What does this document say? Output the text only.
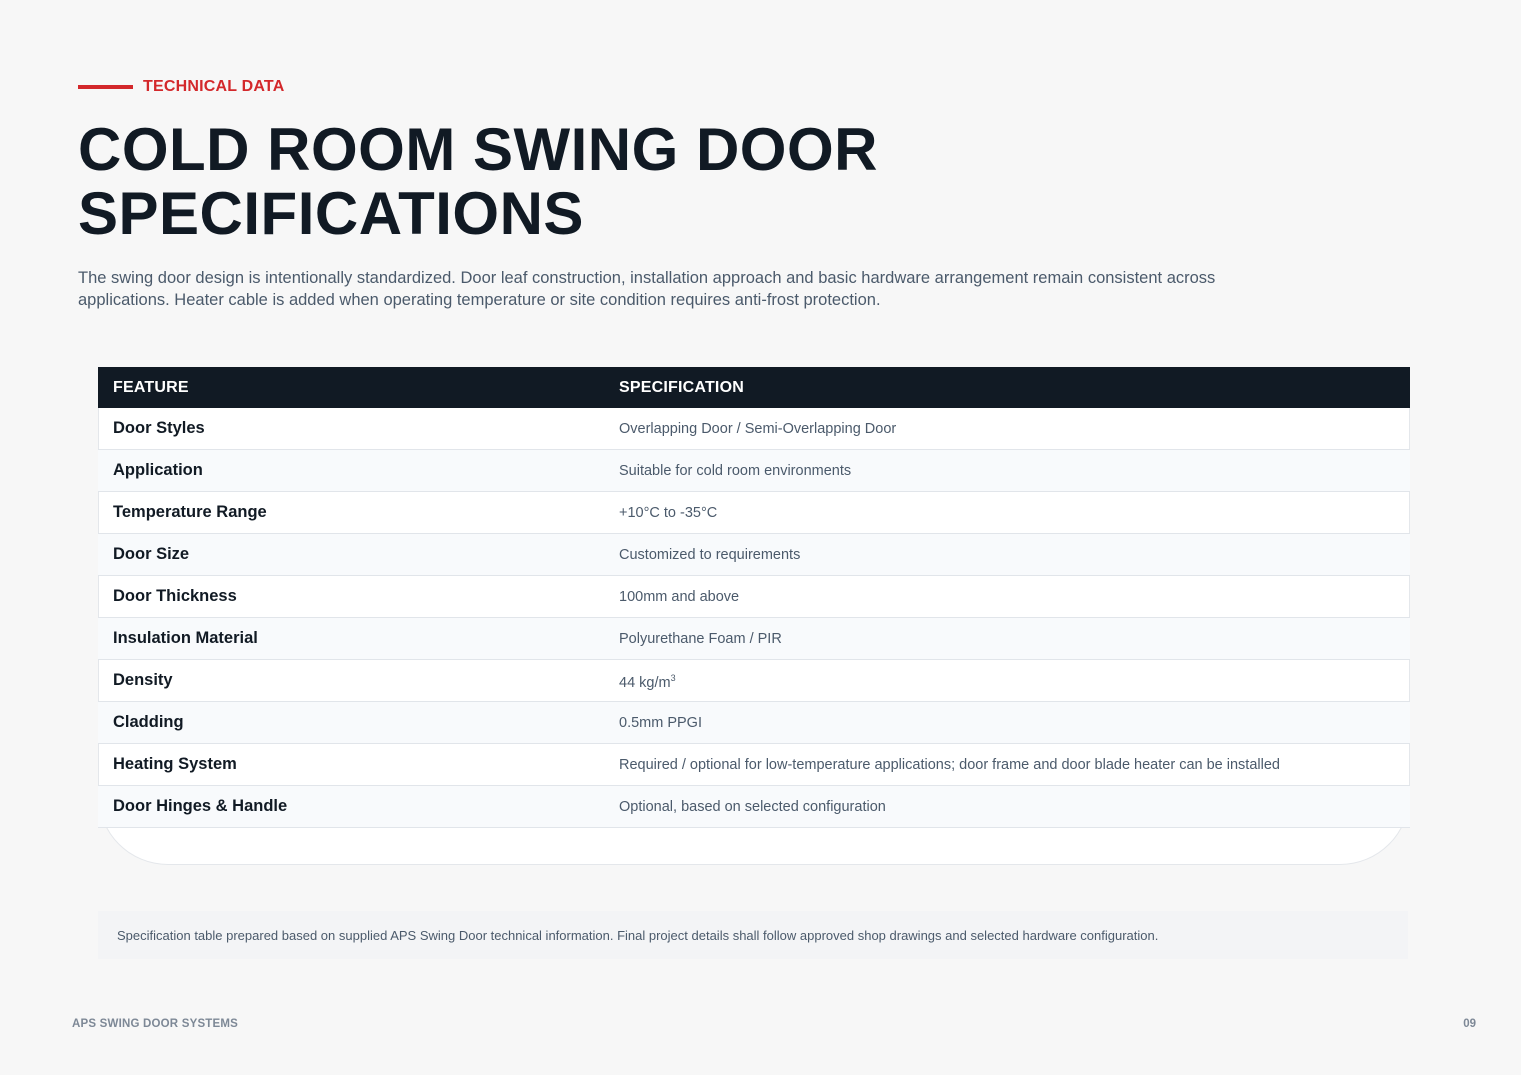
TECHNICAL DATA
COLD ROOM SWING DOOR
SPECIFICATIONS

The swing door design is intentionally standardized. Door leaf construction, installation approach and basic hardware arrangement remain consistent across applications. Heater cable is added when operating temperature or site condition requires anti-frost protection.

FEATURE	SPECIFICATION
Door Styles	Overlapping Door / Semi-Overlapping Door
Application	Suitable for cold room environments
Temperature Range	+10°C to -35°C
Door Size	Customized to requirements
Door Thickness	100mm and above
Insulation Material	Polyurethane Foam / PIR
Density	44 $kg/m^3$
Cladding	0.5mm PPGI
Heating System	Required / optional for low-temperature applications; door frame and door blade heater can be installed
Door Hinges & Handle	Optional, based on selected configuration
Specification table prepared based on supplied APS Swing Door technical information. Final project details shall follow approved shop drawings and selected hardware configuration.
APS SWING DOOR SYSTEMS	09
